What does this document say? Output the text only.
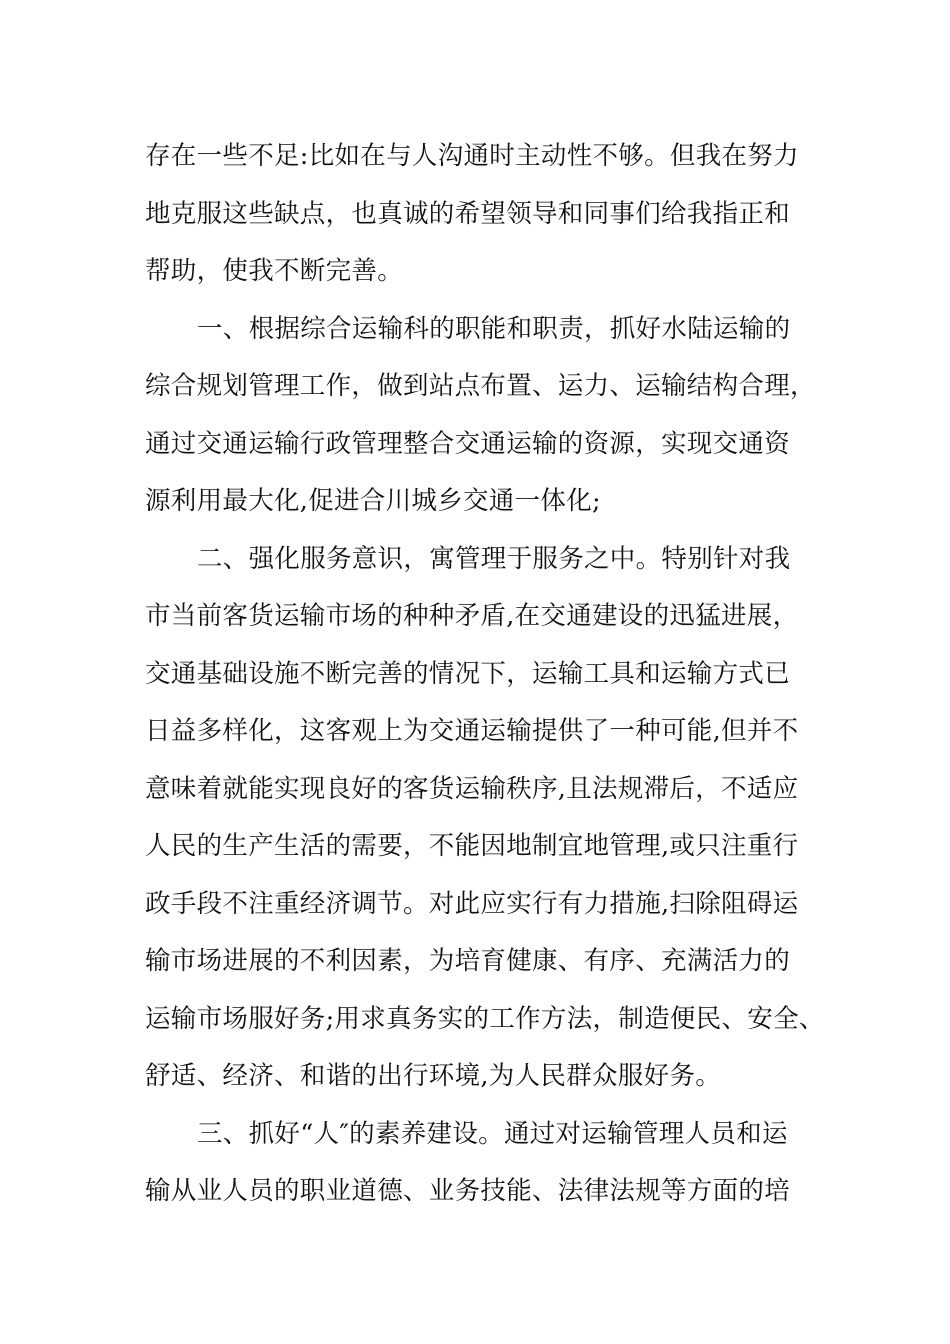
存在一些不足:比如在与人沟通时主动性不够。但我在努力
地克服这些缺点，也真诚的希望领导和同事们给我指正和
帮助，使我不断完善。
一、根据综合运输科的职能和职责，抓好水陆运输的
综合规划管理工作，做到站点布置、运力、运输结构合理，
通过交通运输行政管理整合交通运输的资源，实现交通资
源利用最大化,促进合川城乡交通一体化;
二、强化服务意识，寓管理于服务之中。特别针对我
市当前客货运输市场的种种矛盾,在交通建设的迅猛进展，
交通基础设施不断完善的情况下，运输工具和运输方式已
日益多样化，这客观上为交通运输提供了一种可能,但并不
意味着就能实现良好的客货运输秩序,且法规滞后，不适应
人民的生产生活的需要，不能因地制宜地管理,或只注重行
政手段不注重经济调节。对此应实行有力措施,扫除阻碍运
输市场进展的不利因素，为培育健康、有序、充满活力的
运输市场服好务;用求真务实的工作方法，制造便民、安全、
舒适、经济、和谐的出行环境,为人民群众服好务。
三、抓好“人″的素养建设。通过对运输管理人员和运
输从业人员的职业道德、业务技能、法律法规等方面的培
